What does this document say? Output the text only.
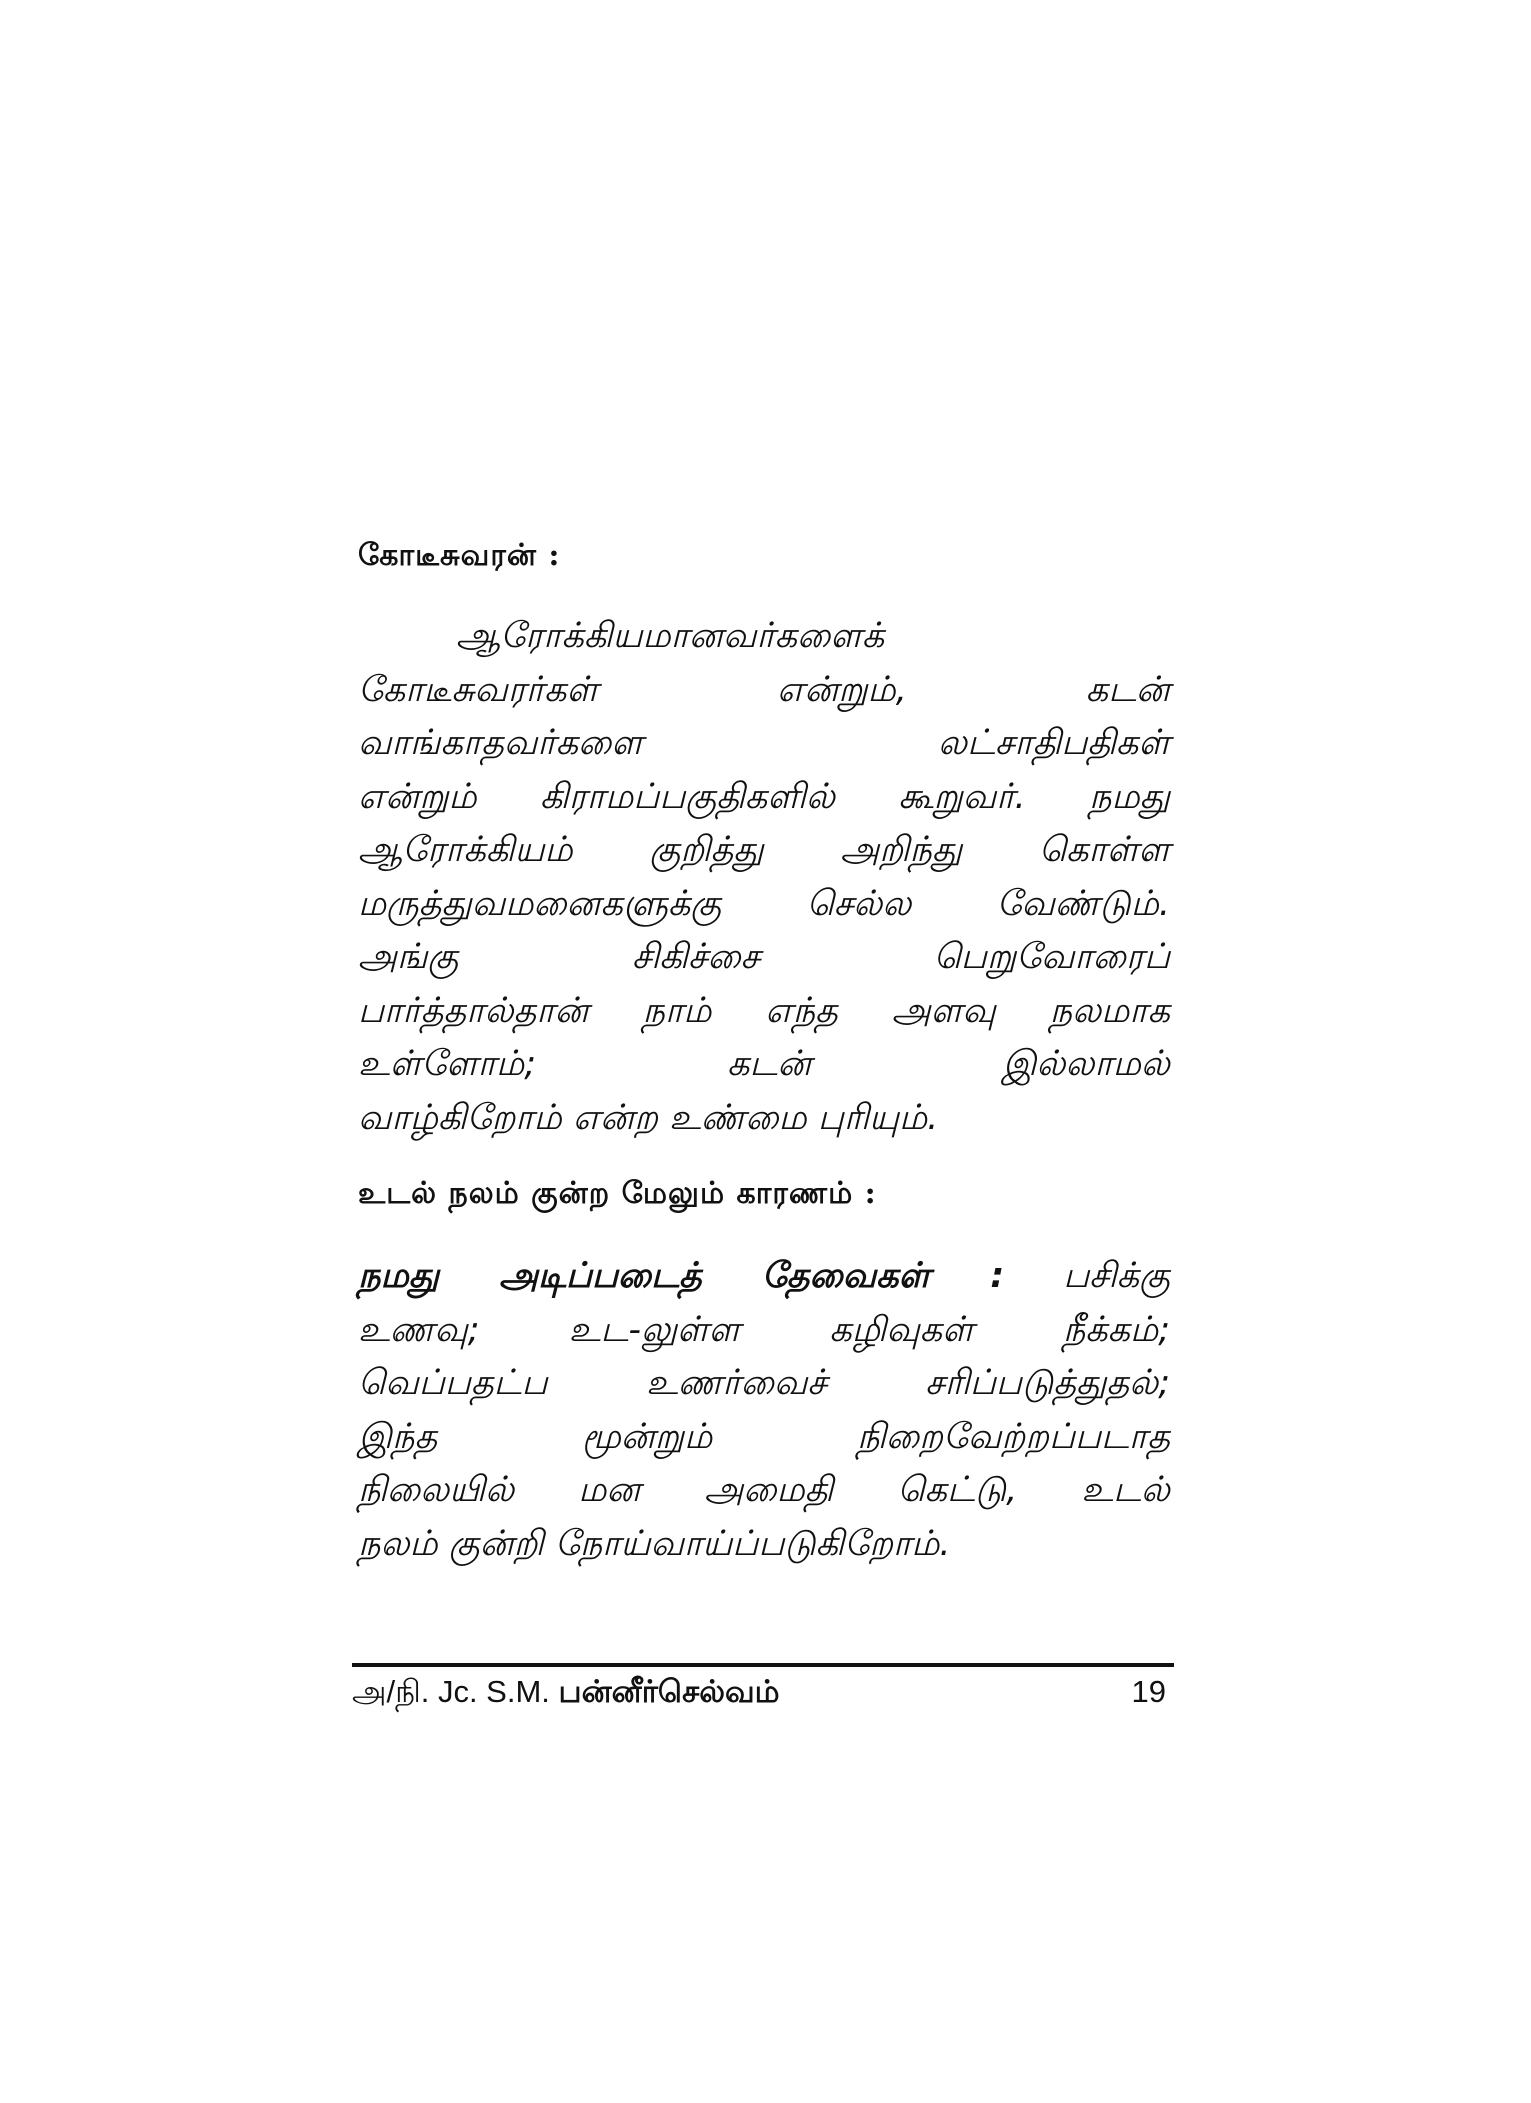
கோடீசுவரன் :
ஆரோக்கியமானவர்களைக்
கோடீசுவரர்கள் என்றும், கடன்
வாங்காதவர்களை லட்சாதிபதிகள்
என்றும் கிராமப்பகுதிகளில் கூறுவர். நமது
ஆரோக்கியம் குறித்து அறிந்து கொள்ள
மருத்துவமனைகளுக்கு செல்ல வேண்டும்.
அங்கு சிகிச்சை பெறுவோரைப்
பார்த்தால்தான் நாம் எந்த அளவு நலமாக
உள்ளோம்; கடன் இல்லாமல்
வாழ்கிறோம் என்ற உண்மை புரியும்.
உடல் நலம் குன்ற மேலும் காரணம் :
நமது அடிப்படைத் தேவைகள் : பசிக்கு
உணவு; உட-லுள்ள கழிவுகள் நீக்கம்;
வெப்பதட்ப உணர்வைச் சரிப்படுத்துதல்;
இந்த மூன்றும் நிறைவேற்றப்படாத
நிலையில் மன அமைதி கெட்டு, உடல்
நலம் குன்றி நோய்வாய்ப்படுகிறோம்.
அ/நி. Jc. S.M. பன்னீர்செல்வம்	19
